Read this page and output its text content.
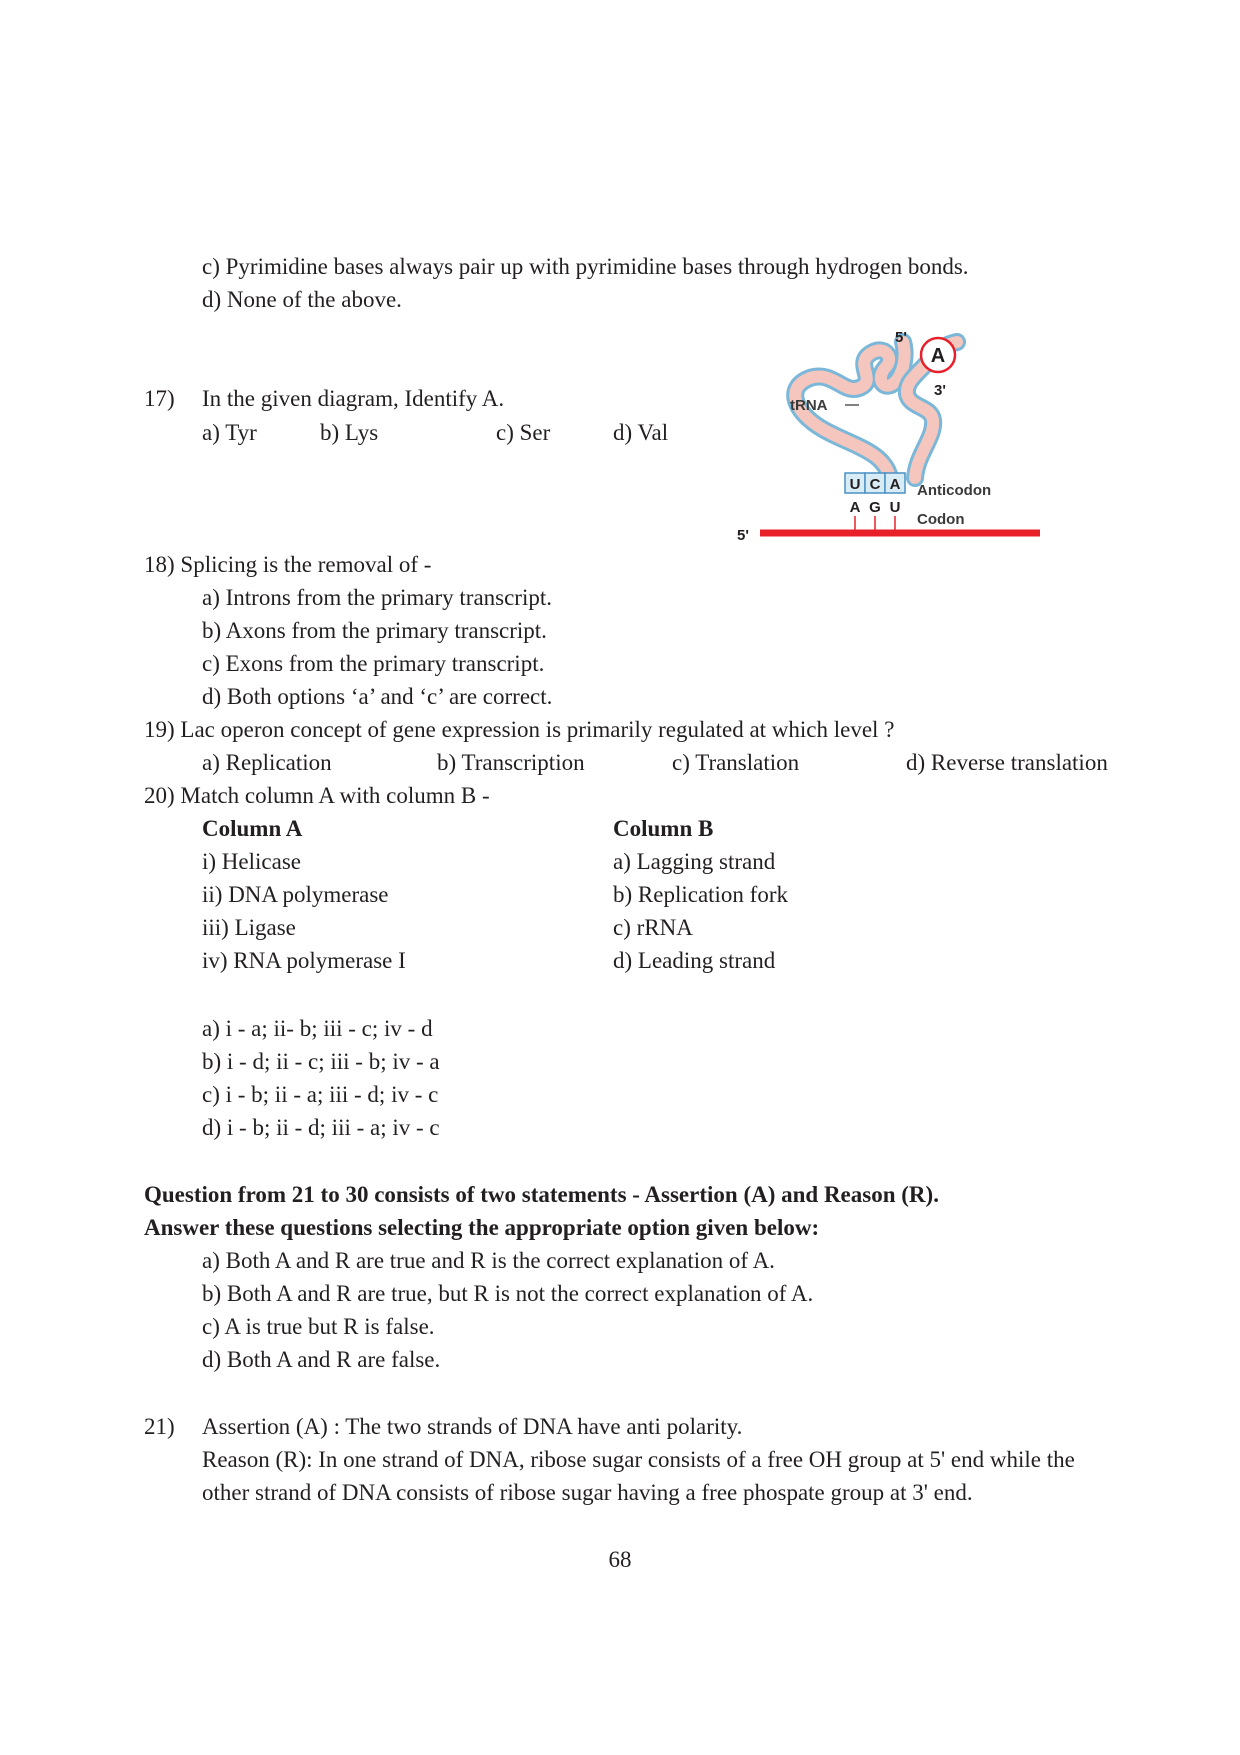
c) Pyrimidine bases always pair up with pyrimidine bases through hydrogen bonds.
d) None of the above.
17) In the given diagram, Identify A.
a) Tyr	b) Lys	c) Ser	d) Val
A
5'
3'
tRNA
U C A Anticodon
A G U
Codon
5'
18) Splicing is the removal of -
a) Introns from the primary transcript.
b) Axons from the primary transcript.
c) Exons from the primary transcript.
d) Both options ‘a’ and ‘c’ are correct.
19) Lac operon concept of gene expression is primarily regulated at which level ?
a) Replication	b) Transcription	c) Translation	d) Reverse translation
20) Match column A with column B -
Column A	Column B
i) Helicase	a) Lagging strand
ii) DNA polymerase	b) Replication fork
iii) Ligase	c) rRNA
iv) RNA polymerase I	d) Leading strand
a) i - a; ii- b; iii - c; iv - d
b) i - d; ii - c; iii - b; iv - a
c) i - b; ii - a; iii - d; iv - c
d) i - b; ii - d; iii - a; iv - c
Question from 21 to 30 consists of two statements - Assertion (A) and Reason (R).
Answer these questions selecting the appropriate option given below:
a) Both A and R are true and R is the correct explanation of A.
b) Both A and R are true, but R is not the correct explanation of A.
c) A is true but R is false.
d) Both A and R are false.
21) Assertion (A) : The two strands of DNA have anti polarity.
Reason (R): In one strand of DNA, ribose sugar consists of a free OH group at 5' end while the
other strand of DNA consists of ribose sugar having a free phospate group at 3' end.
68
